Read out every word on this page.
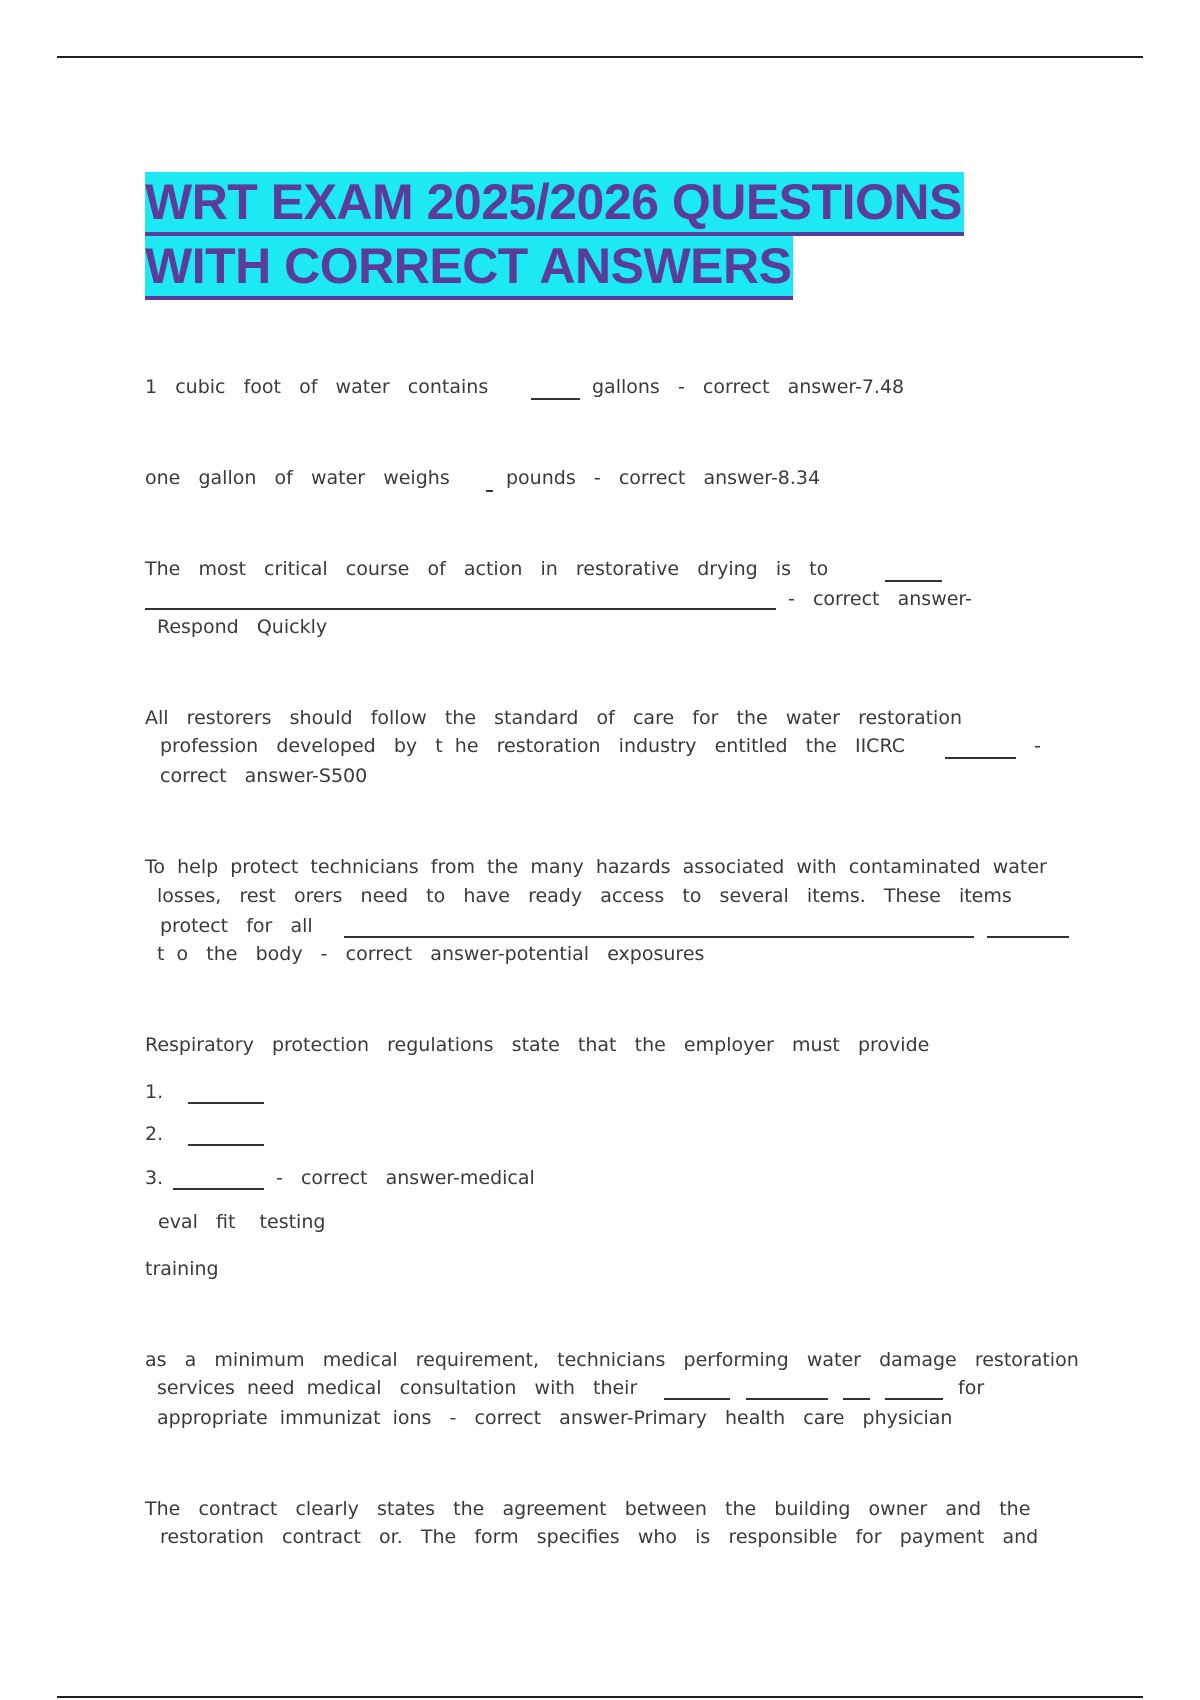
WRT EXAM 2025/2026 QUESTIONS
WITH CORRECT ANSWERS
1   cubic   foot   of   water   contains	gallons   -   correct   answer-7.48
one   gallon   of   water   weighs	pounds   -   correct   answer-8.34
The   most   critical   course   of   action   in   restorative   drying   is   to
-   correct   answer-
Respond   Quickly
All   restorers   should   follow   the   standard   of   care   for   the   water   restoration
profession   developed   by   t  he   restoration   industry   entitled   the   IICRC	-
correct   answer-S500
To  help  protect  technicians  from  the  many  hazards  associated  with  contaminated  water
losses,   rest   orers   need   to   have   ready   access   to   several   items.   These   items
protect   for   all
t  o   the   body   -   correct   answer-potential   exposures
Respiratory   protection   regulations   state   that   the   employer   must   provide
1.
2.
3.	-   correct   answer-medical
eval   fit    testing
training
as   a   minimum   medical   requirement,   technicians   performing   water   damage   restoration
services  need  medical   consultation   with   their	for
appropriate  immunizat  ions   -   correct   answer-Primary   health   care   physician
The   contract   clearly   states   the   agreement   between   the   building   owner   and   the
restoration   contract   or.   The   form   specifies   who   is   responsible   for   payment   and
